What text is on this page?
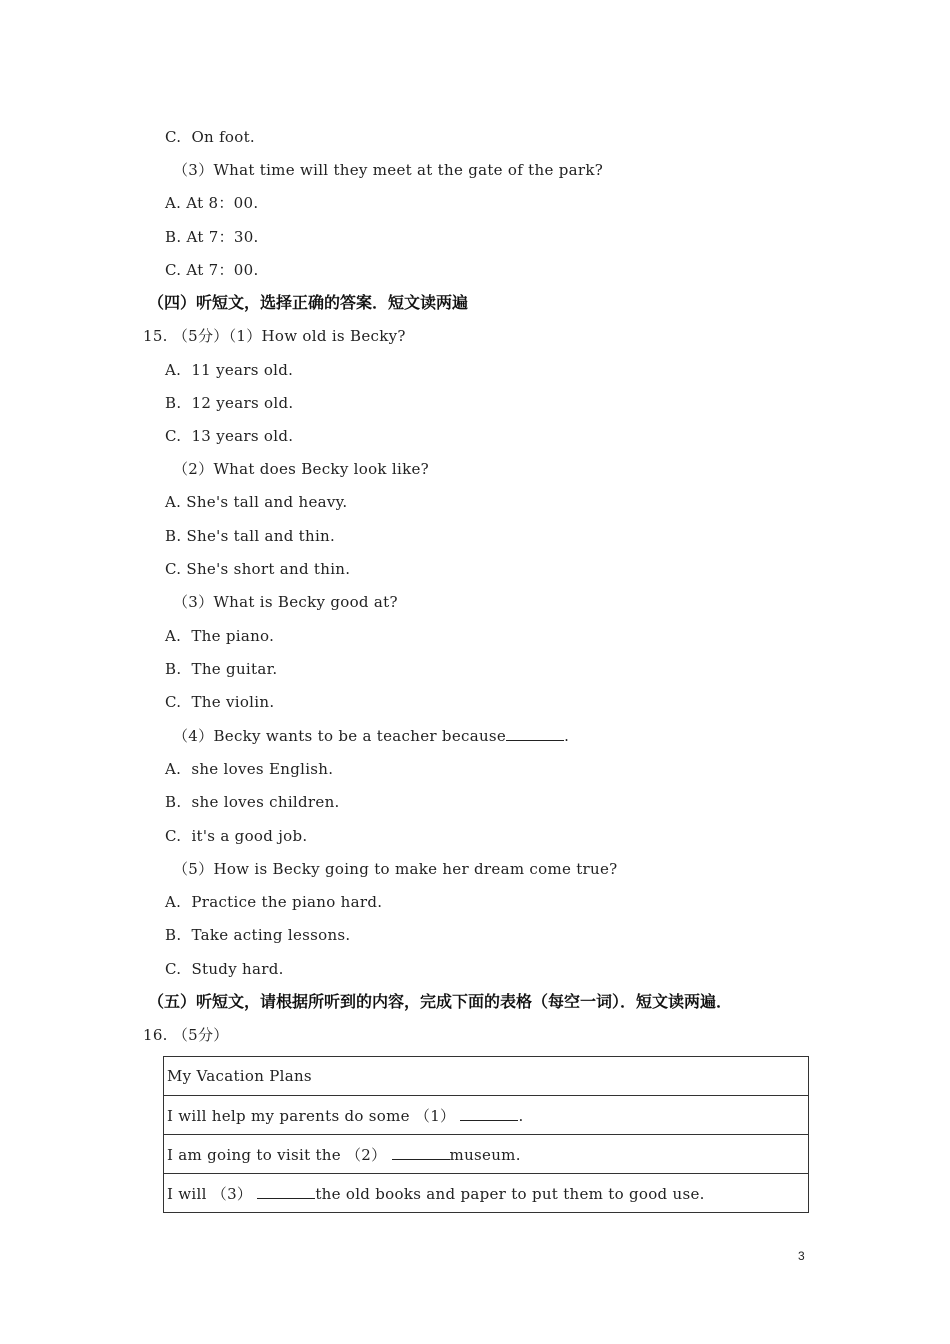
C.  On foot.
（3）What time will they meet at the gate of the park?
A. At 8：00.
B. At 7：30.
C. At 7：00.
（四）听短文，选择正确的答案．短文读两遍
15. （5分）（1）How old is Becky?
A.  11 years old.
B.  12 years old.
C.  13 years old.
（2）What does Becky look like?
A. She's tall and heavy.
B. She's tall and thin.
C. She's short and thin.
（3）What is Becky good at?
A.  The piano.
B.  The guitar.
C.  The violin.
（4）Becky wants to be a teacher because	.
A.  she loves English.
B.  she loves children.
C.  it's a good job.
（5）How is Becky going to make her dream come true?
A.  Practice the piano hard.
B.  Take acting lessons.
C.  Study hard.
（五）听短文，请根据所听到的内容，完成下面的表格（每空一词）．短文读两遍．
16. （5分）
My Vacation Plans
I will help my parents do some （1）	.
I am going to visit the （2）	museum.
I will （3）	the old books and paper to put them to good use.
3
